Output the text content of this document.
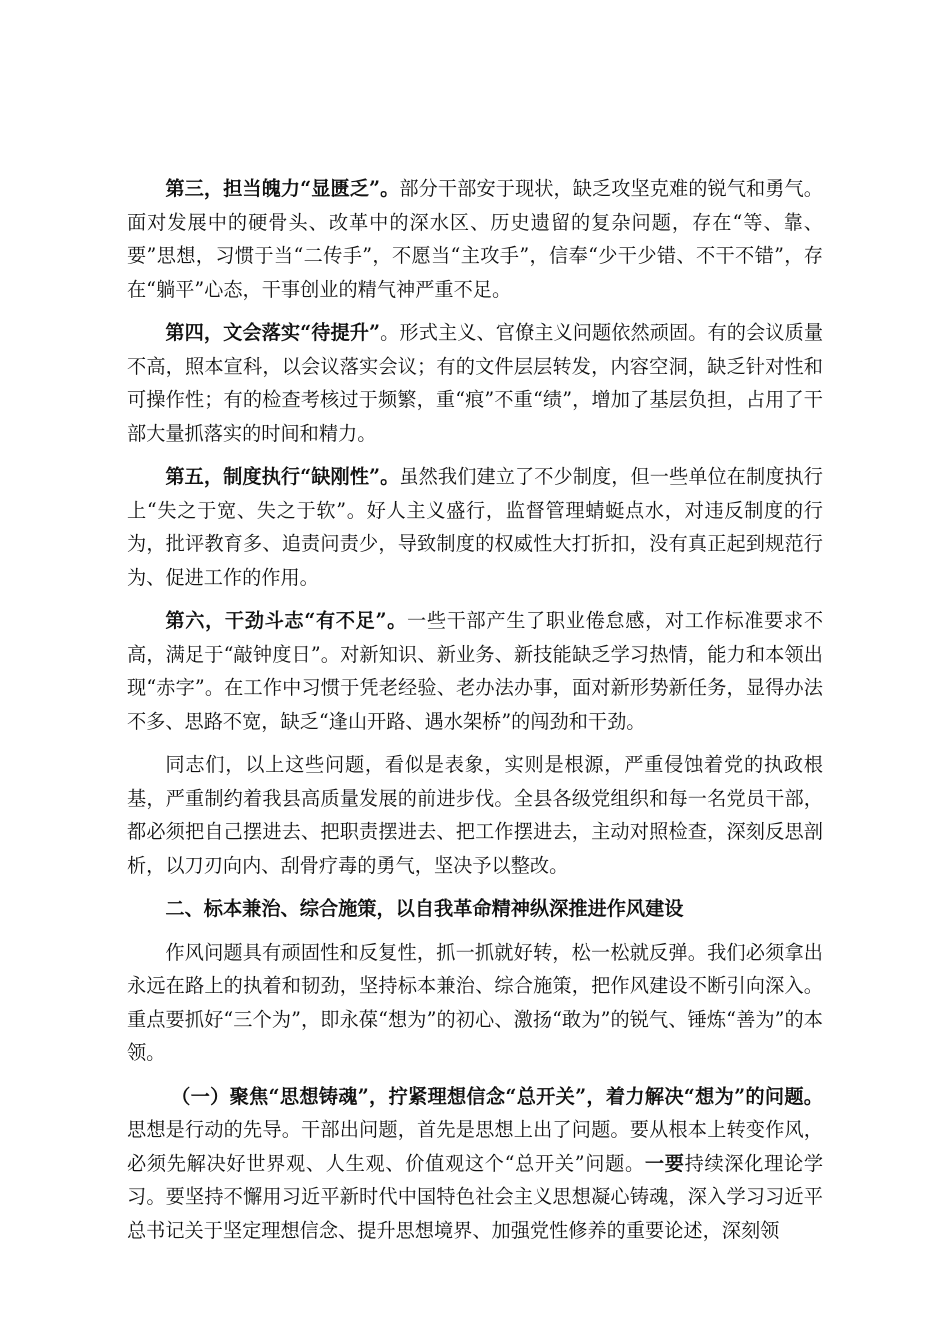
第三，担当魄力“显匮乏”。部分干部安于现状，缺乏攻坚克难的锐气和勇气。面对发展中的硬骨头、改革中的深水区、历史遗留的复杂问题，存在“等、靠、要”思想，习惯于当“二传手”，不愿当“主攻手”，信奉“少干少错、不干不错”，存在“躺平”心态，干事创业的精气神严重不足。

第四，文会落实“待提升”。形式主义、官僚主义问题依然顽固。有的会议质量不高，照本宣科，以会议落实会议；有的文件层层转发，内容空洞，缺乏针对性和可操作性；有的检查考核过于频繁，重“痕”不重“绩”，增加了基层负担，占用了干部大量抓落实的时间和精力。

第五，制度执行“缺刚性”。虽然我们建立了不少制度，但一些单位在制度执行上“失之于宽、失之于软”。好人主义盛行，监督管理蜻蜓点水，对违反制度的行为，批评教育多、追责问责少，导致制度的权威性大打折扣，没有真正起到规范行为、促进工作的作用。

第六，干劲斗志“有不足”。一些干部产生了职业倦怠感，对工作标准要求不高，满足于“敲钟度日”。对新知识、新业务、新技能缺乏学习热情，能力和本领出现“赤字”。在工作中习惯于凭老经验、老办法办事，面对新形势新任务，显得办法不多、思路不宽，缺乏“逢山开路、遇水架桥”的闯劲和干劲。

同志们，以上这些问题，看似是表象，实则是根源，严重侵蚀着党的执政根基，严重制约着我县高质量发展的前进步伐。全县各级党组织和每一名党员干部，都必须把自己摆进去、把职责摆进去、把工作摆进去，主动对照检查，深刻反思剖析，以刀刃向内、刮骨疗毒的勇气，坚决予以整改。

二、标本兼治、综合施策，以自我革命精神纵深推进作风建设

作风问题具有顽固性和反复性，抓一抓就好转，松一松就反弹。我们必须拿出永远在路上的执着和韧劲，坚持标本兼治、综合施策，把作风建设不断引向深入。重点要抓好“三个为”，即永葆“想为”的初心、激扬“敢为”的锐气、锤炼“善为”的本领。

（一）聚焦“思想铸魂”，拧紧理想信念“总开关”，着力解决“想为”的问题。思想是行动的先导。干部出问题，首先是思想上出了问题。要从根本上转变作风，必须先解决好世界观、人生观、价值观这个“总开关”问题。一要持续深化理论学习。要坚持不懈用习近平新时代中国特色社会主义思想凝心铸魂，深入学习习近平总书记关于坚定理想信念、提升思想境界、加强党性修养的重要论述，深刻领
